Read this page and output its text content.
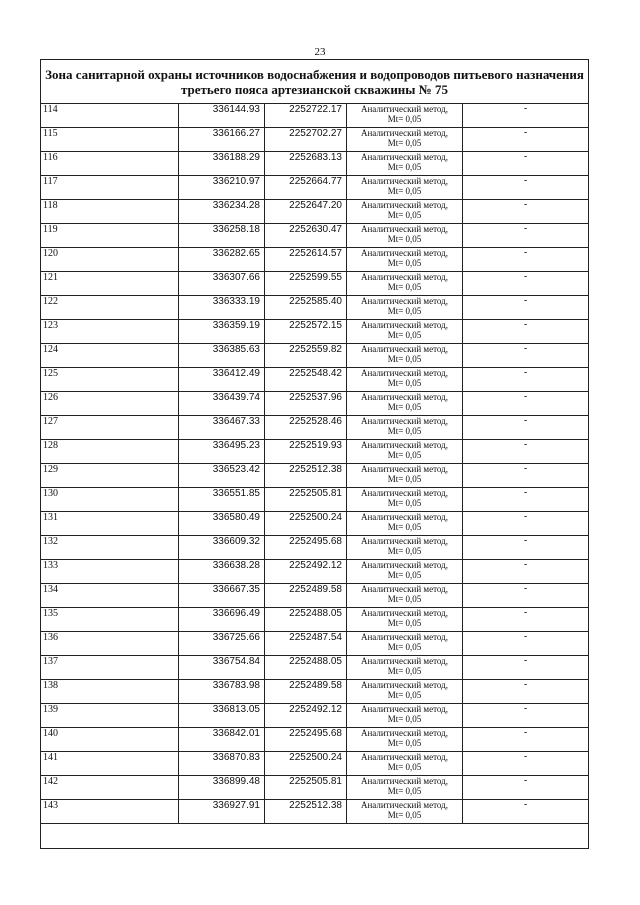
23
Зона санитарной охраны источников водоснабжения и водопроводов питьевого назначения третьего пояса артезианской скважины № 75				
114	336144.93	2252722.17	Аналитический метод,
Mt= 0,05	-
115	336166.27	2252702.27	Аналитический метод,
Mt= 0,05	-
116	336188.29	2252683.13	Аналитический метод,
Mt= 0,05	-
117	336210.97	2252664.77	Аналитический метод,
Mt= 0,05	-
118	336234.28	2252647.20	Аналитический метод,
Mt= 0,05	-
119	336258.18	2252630.47	Аналитический метод,
Mt= 0,05	-
120	336282.65	2252614.57	Аналитический метод,
Mt= 0,05	-
121	336307.66	2252599.55	Аналитический метод,
Mt= 0,05	-
122	336333.19	2252585.40	Аналитический метод,
Mt= 0,05	-
123	336359.19	2252572.15	Аналитический метод,
Mt= 0,05	-
124	336385.63	2252559.82	Аналитический метод,
Mt= 0,05	-
125	336412.49	2252548.42	Аналитический метод,
Mt= 0,05	-
126	336439.74	2252537.96	Аналитический метод,
Mt= 0,05	-
127	336467.33	2252528.46	Аналитический метод,
Mt= 0,05	-
128	336495.23	2252519.93	Аналитический метод,
Mt= 0,05	-
129	336523.42	2252512.38	Аналитический метод,
Mt= 0,05	-
130	336551.85	2252505.81	Аналитический метод,
Mt= 0,05	-
131	336580.49	2252500.24	Аналитический метод,
Mt= 0,05	-
132	336609.32	2252495.68	Аналитический метод,
Mt= 0,05	-
133	336638.28	2252492.12	Аналитический метод,
Mt= 0,05	-
134	336667.35	2252489.58	Аналитический метод,
Mt= 0,05	-
135	336696.49	2252488.05	Аналитический метод,
Mt= 0,05	-
136	336725.66	2252487.54	Аналитический метод,
Mt= 0,05	-
137	336754.84	2252488.05	Аналитический метод,
Mt= 0,05	-
138	336783.98	2252489.58	Аналитический метод,
Mt= 0,05	-
139	336813.05	2252492.12	Аналитический метод,
Mt= 0,05	-
140	336842.01	2252495.68	Аналитический метод,
Mt= 0,05	-
141	336870.83	2252500.24	Аналитический метод,
Mt= 0,05	-
142	336899.48	2252505.81	Аналитический метод,
Mt= 0,05	-
143	336927.91	2252512.38	Аналитический метод,
Mt= 0,05	-
